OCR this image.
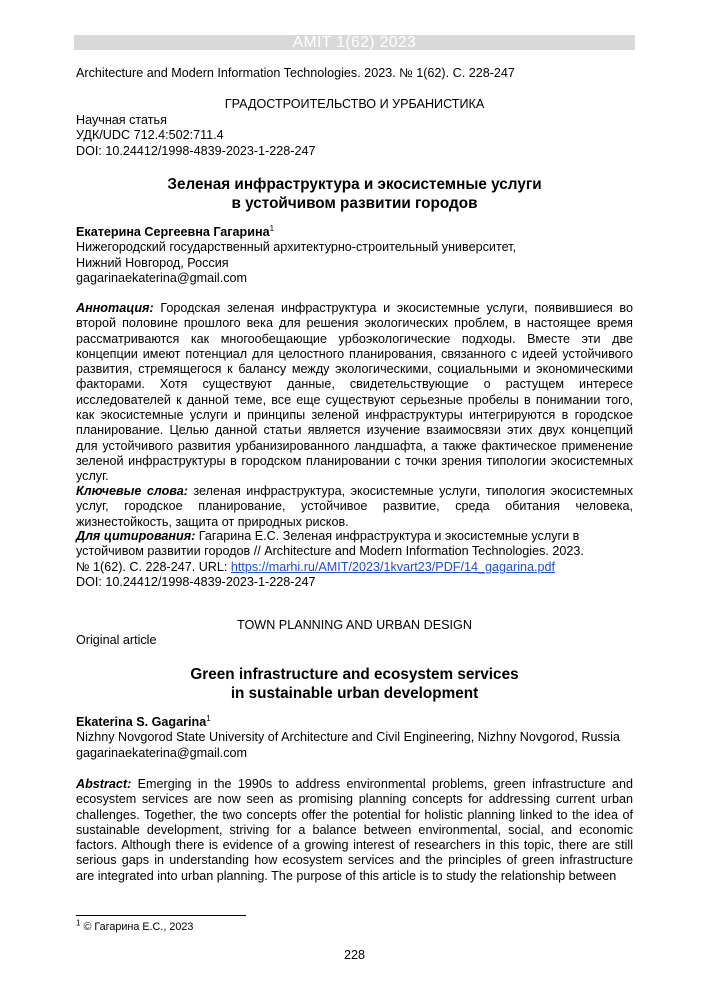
AMIT 1(62) 2023
Architecture and Modern Information Technologies. 2023. № 1(62). С. 228-247
ГРАДОСТРОИТЕЛЬСТВО И УРБАНИСТИКА
Научная статья
УДК/UDC 712.4:502:711.4
DOI: 10.24412/1998-4839-2023-1-228-247
Зеленая инфраструктура и экосистемные услуги
в устойчивом развитии городов
Екатерина Сергеевна Гагарина$^1$
Нижегородский государственный архитектурно-строительный университет,
Нижний Новгород, Россия
gagarinaekaterina@gmail.com
Аннотация: Городская зеленая инфраструктура и экосистемные услуги, появившиеся во второй половине прошлого века для решения экологических проблем, в настоящее время рассматриваются как многообещающие урбоэкологические подходы. Вместе эти две концепции имеют потенциал для целостного планирования, связанного с идеей устойчивого развития, стремящегося к балансу между экологическими, социальными и экономическими факторами. Хотя существуют данные, свидетельствующие о растущем интересе исследователей к данной теме, все еще существуют серьезные пробелы в понимании того, как экосистемные услуги и принципы зеленой инфраструктуры интегрируются в городское планирование. Целью данной статьи является изучение взаимосвязи этих двух концепций для устойчивого развития урбанизированного ландшафта, а также фактическое применение зеленой инфраструктуры в городском планировании с точки зрения типологии экосистемных услуг.
Ключевые слова: зеленая инфраструктура, экосистемные услуги, типология экосистемных услуг, городское планирование, устойчивое развитие, среда обитания человека, жизнестойкость, защита от природных рисков.
Для цитирования: Гагарина Е.С. Зеленая инфраструктура и экосистемные услуги в
устойчивом развитии городов // Architecture and Modern Information Technologies. 2023.
№ 1(62). С. 228-247. URL: https://marhi.ru/AMIT/2023/1kvart23/PDF/14_gagarina.pdf
DOI: 10.24412/1998-4839-2023-1-228-247
TOWN PLANNING AND URBAN DESIGN
Original article
Green infrastructure and ecosystem services
in sustainable urban development
Ekaterina S. Gagarina$^1$
Nizhny Novgorod State University of Architecture and Civil Engineering, Nizhny Novgorod, Russia
gagarinaekaterina@gmail.com
Abstract: Emerging in the 1990s to address environmental problems, green infrastructure and ecosystem services are now seen as promising planning concepts for addressing current urban challenges. Together, the two concepts offer the potential for holistic planning linked to the idea of sustainable development, striving for a balance between environmental, social, and economic factors. Although there is evidence of a growing interest of researchers in this topic, there are still serious gaps in understanding how ecosystem services and the principles of green infrastructure are integrated into urban planning. The purpose of this article is to study the relationship between
$^1$ © Гагарина Е.С., 2023
228
